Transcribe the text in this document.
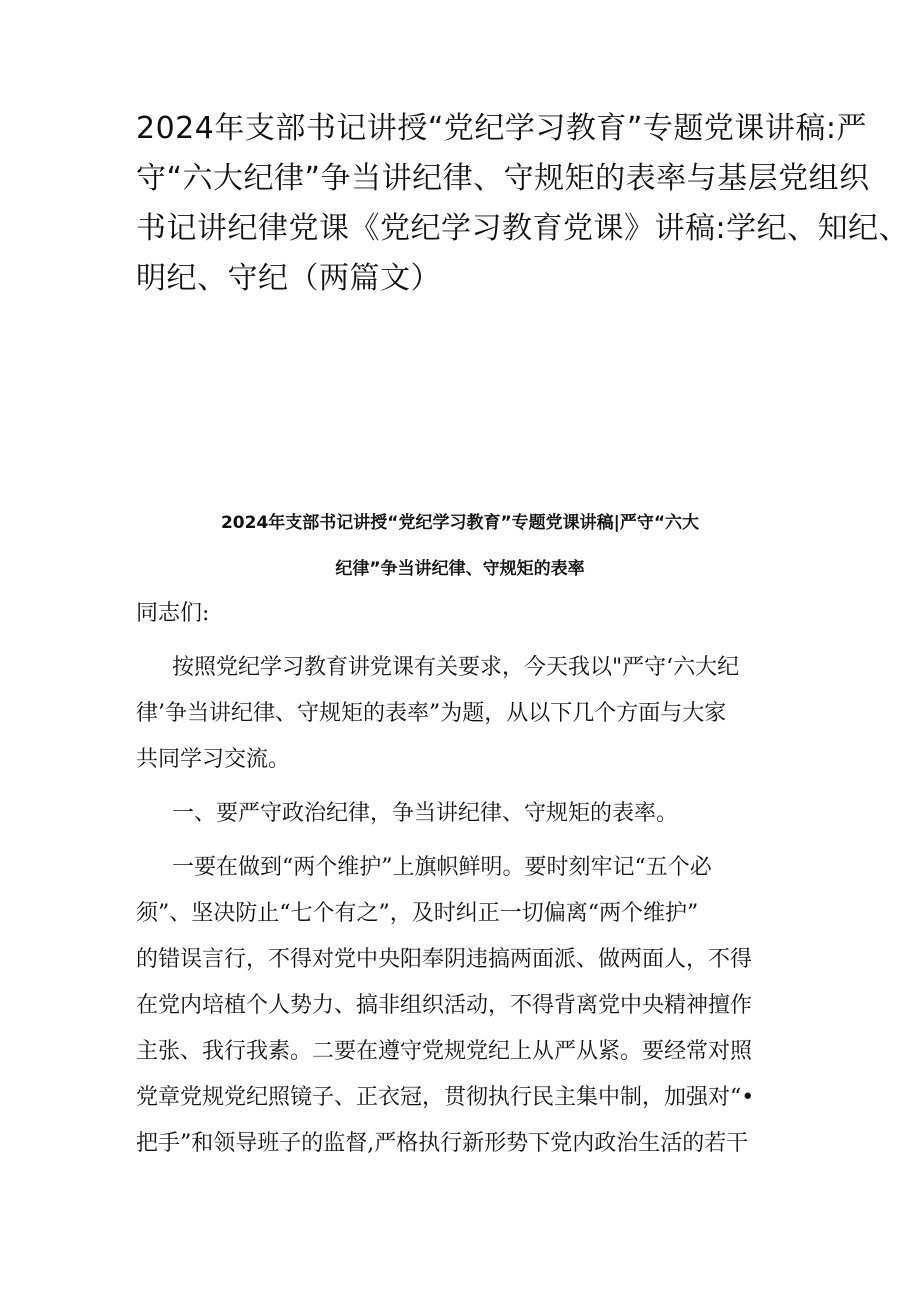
2024年支部书记讲授“党纪学习教育”专题党课讲稿:严
守“六大纪律”争当讲纪律、守规矩的表率与基层党组织
书记讲纪律党课《党纪学习教育党课》讲稿:学纪、知纪、
明纪、守纪（两篇文）
2024年支部书记讲授“党纪学习教育”专题党课讲稿|严守“六大
纪律”争当讲纪律、守规矩的表率
同志们:
按照党纪学习教育讲党课有关要求，今天我以"严守‘六大纪
律’争当讲纪律、守规矩的表率”为题，从以下几个方面与大家
共同学习交流。
一、要严守政治纪律，争当讲纪律、守规矩的表率。
一要在做到“两个维护”上旗帜鲜明。要时刻牢记“五个必
须”、坚决防止“七个有之”，及时纠正一切偏离“两个维护”
的错误言行，不得对党中央阳奉阴违搞两面派、做两面人，不得
在党内培植个人势力、搞非组织活动，不得背离党中央精神擅作
主张、我行我素。二要在遵守党规党纪上从严从紧。要经常对照
党章党规党纪照镜子、正衣冠，贯彻执行民主集中制，加强对“•
把手”和领导班子的监督,严格执行新形势下党内政治生活的若干
